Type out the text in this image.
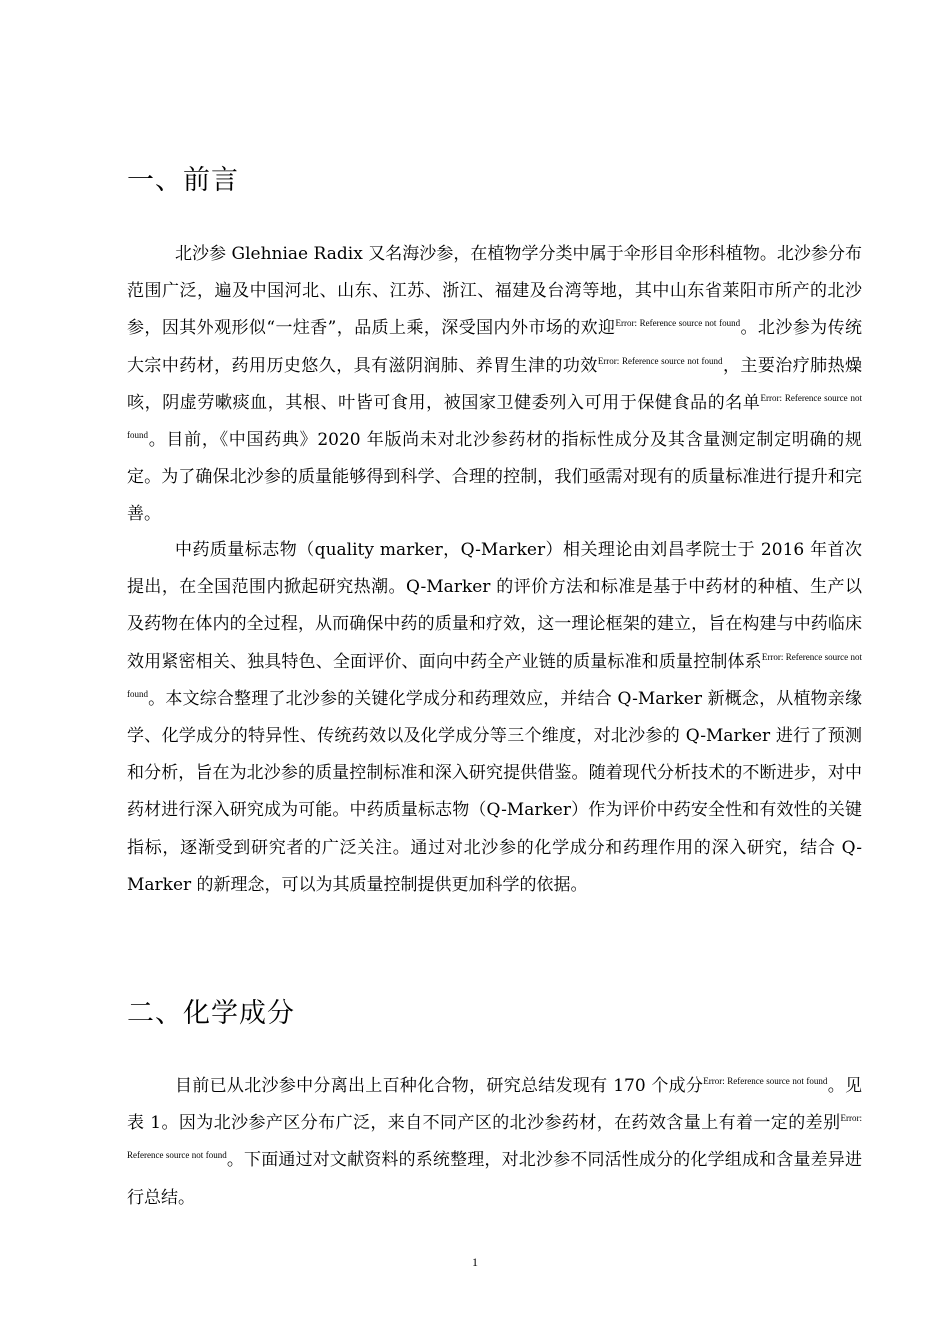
一、前言

北沙参 Glehniae Radix 又名海沙参，在植物学分类中属于伞形目伞形科植物。北沙参分布范围广泛，遍及中国河北、山东、江苏、浙江、福建及台湾等地，其中山东省莱阳市所产的北沙参，因其外观形似“一炷香”，品质上乘，深受国内外市场的欢迎$^{Error: Reference source not found}$。北沙参为传统大宗中药材，药用历史悠久，具有滋阴润肺、养胃生津的功效$^{Error: Reference source not found}$，主要治疗肺热燥咳，阴虚劳嗽痰血，其根、叶皆可食用，被国家卫健委列入可用于保健食品的名单$^{Error: Reference source not found}$。目前，《中国药典》2020 年版尚未对北沙参药材的指标性成分及其含量测定制定明确的规定。为了确保北沙参的质量能够得到科学、合理的控制，我们亟需对现有的质量标准进行提升和完善。

中药质量标志物（quality marker，Q-Marker）相关理论由刘昌孝院士于 2016 年首次提出，在全国范围内掀起研究热潮。Q-Marker 的评价方法和标准是基于中药材的种植、生产以及药物在体内的全过程，从而确保中药的质量和疗效，这一理论框架的建立，旨在构建与中药临床效用紧密相关、独具特色、全面评价、面向中药全产业链的质量标准和质量控制体系$^{Error: Reference source not found}$。本文综合整理了北沙参的关键化学成分和药理效应，并结合 Q-Marker 新概念，从植物亲缘学、化学成分的特异性、传统药效以及化学成分等三个维度，对北沙参的 Q-Marker 进行了预测和分析，旨在为北沙参的质量控制标准和深入研究提供借鉴。随着现代分析技术的不断进步，对中药材进行深入研究成为可能。中药质量标志物（Q-Marker）作为评价中药安全性和有效性的关键指标，逐渐受到研究者的广泛关注。通过对北沙参的化学成分和药理作用的深入研究，结合 Q-Marker 的新理念，可以为其质量控制提供更加科学的依据。

二、化学成分

目前已从北沙参中分离出上百种化合物，研究总结发现有 170 个成分$^{Error: Reference source not found}$。见表 1。因为北沙参产区分布广泛，来自不同产区的北沙参药材，在药效含量上有着一定的差别$^{Error: Reference source not found}$。下面通过对文献资料的系统整理，对北沙参不同活性成分的化学组成和含量差异进行总结。

1
